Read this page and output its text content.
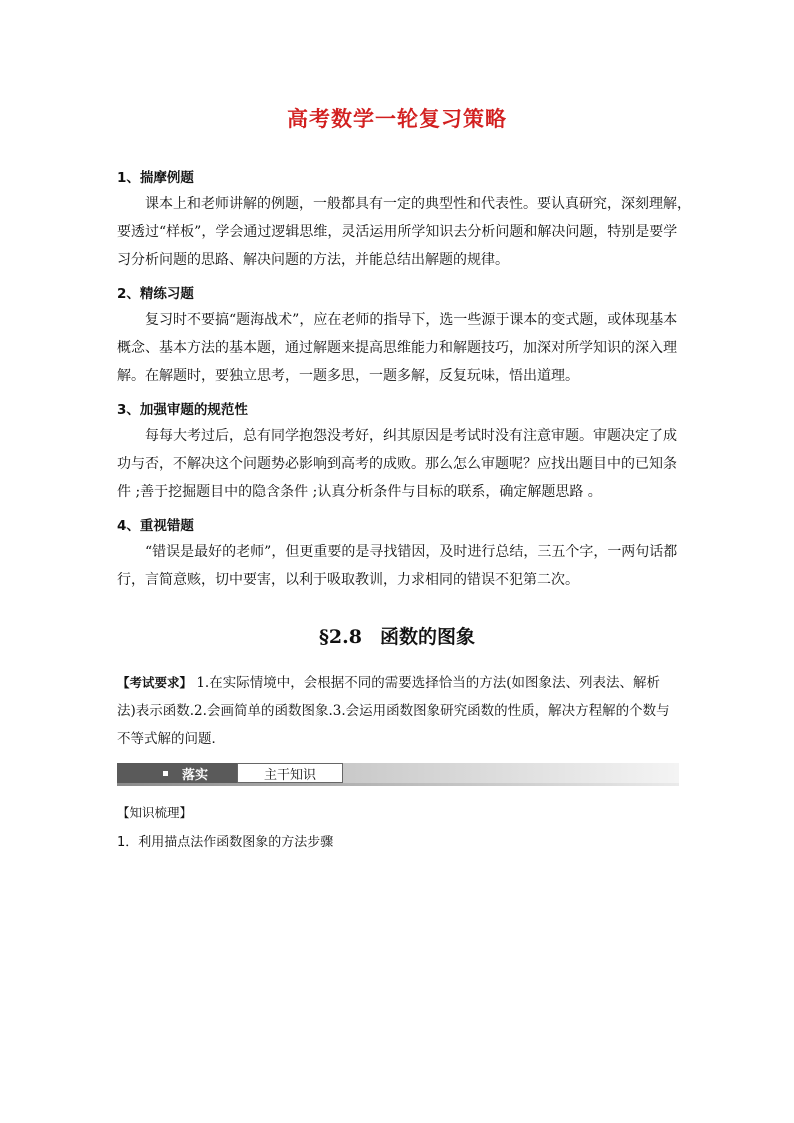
高考数学一轮复习策略
1、揣摩例题
课本上和老师讲解的例题，一般都具有一定的典型性和代表性。要认真研究，深刻理解，
要透过“样板”，学会通过逻辑思维，灵活运用所学知识去分析问题和解决问题，特别是要学
习分析问题的思路、解决问题的方法，并能总结出解题的规律。
2、精练习题
复习时不要搞“题海战术”，应在老师的指导下，选一些源于课本的变式题，或体现基本
概念、基本方法的基本题，通过解题来提高思维能力和解题技巧，加深对所学知识的深入理
解。在解题时，要独立思考，一题多思，一题多解，反复玩味，悟出道理。
3、加强审题的规范性
每每大考过后，总有同学抱怨没考好，纠其原因是考试时没有注意审题。审题决定了成
功与否，不解决这个问题势必影响到高考的成败。那么怎么审题呢？应找出题目中的已知条
件 ;善于挖掘题目中的隐含条件 ;认真分析条件与目标的联系，确定解题思路 。
4、重视错题
“错误是最好的老师”，但更重要的是寻找错因，及时进行总结，三五个字，一两句话都
行，言简意赅，切中要害，以利于吸取教训，力求相同的错误不犯第二次。
§2.8 函数的图象
【考试要求】 1.在实际情境中，会根据不同的需要选择恰当的方法(如图象法、列表法、解析
法)表示函数.2.会画简单的函数图象.3.会运用函数图象研究函数的性质，解决方程解的个数与
不等式解的问题．
落实	主干知识
【知识梳理】
1．利用描点法作函数图象的方法步骤
